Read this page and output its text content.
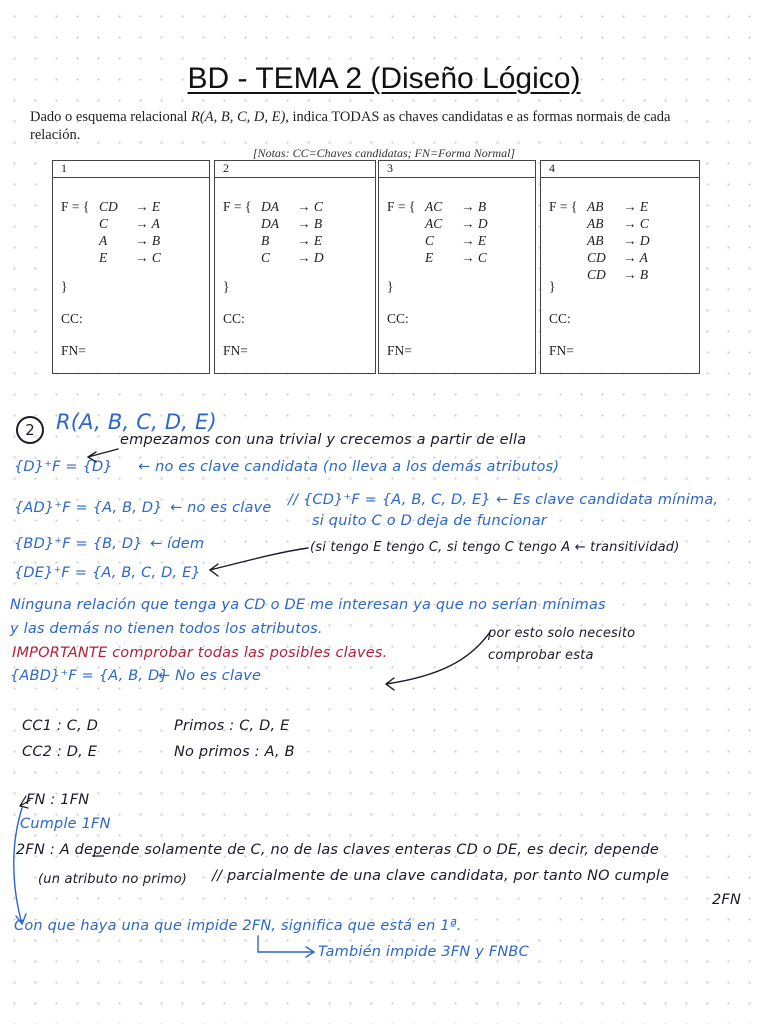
BD - TEMA 2 (Diseño Lógico)
Dado o esquema relacional R(A, B, C, D, E), indica TODAS as chaves candidatas e as formas normais de cada relación.
[Notas: CC=Chaves candidatas; FN=Forma Normal]
1
F = { CD → E
C → A
A → B
E → C
}
CC:
FN=
2
F = { DA → C
DA → B
B → E
C → D
}
CC:
FN=
3
F = { AC → B
AC → D
C → E
E → C
}
CC:
FN=
4
F = { AB → E
AB → C
AB → D
CD → A
CD → B
}
CC:
FN=
2	R(A, B, C, D, E)
empezamos con una trivial y crecemos a partir de ella
{D}⁺F = {D} ← no es clave candidata (no lleva a los demás atributos)
{AD}⁺F = {A, B, D} ← no es clave // {CD}⁺F = {A, B, C, D, E} ← Es clave candidata mínima,
si quito C o D deja de funcionar
{BD}⁺F = {B, D} ← ídem	(si tengo E tengo C, si tengo C tengo A ← transitividad)
{DE}⁺F = {A, B, C, D, E}
Ninguna relación que tenga ya CD o DE me interesan ya que no serían mínimas
y las demás no tienen todos los atributos.	por esto solo necesito
comprobar esta
IMPORTANTE comprobar todas las posibles claves.
{ABD}⁺F = {A, B, D}
← No es clave
CC1 : C, D
CC2 : D, E
Primos : C, D, E
No primos : A, B
FN : 1FN
Cumple 1FN
2FN : A depende solamente de C, no de las claves enteras CD o DE, es decir, depende
(un atributo no primo) // parcialmente de una clave candidata, por tanto NO cumple
2FN
Con que haya una que impide 2FN, significa que está en 1ª.
También impide 3FN y FNBC
